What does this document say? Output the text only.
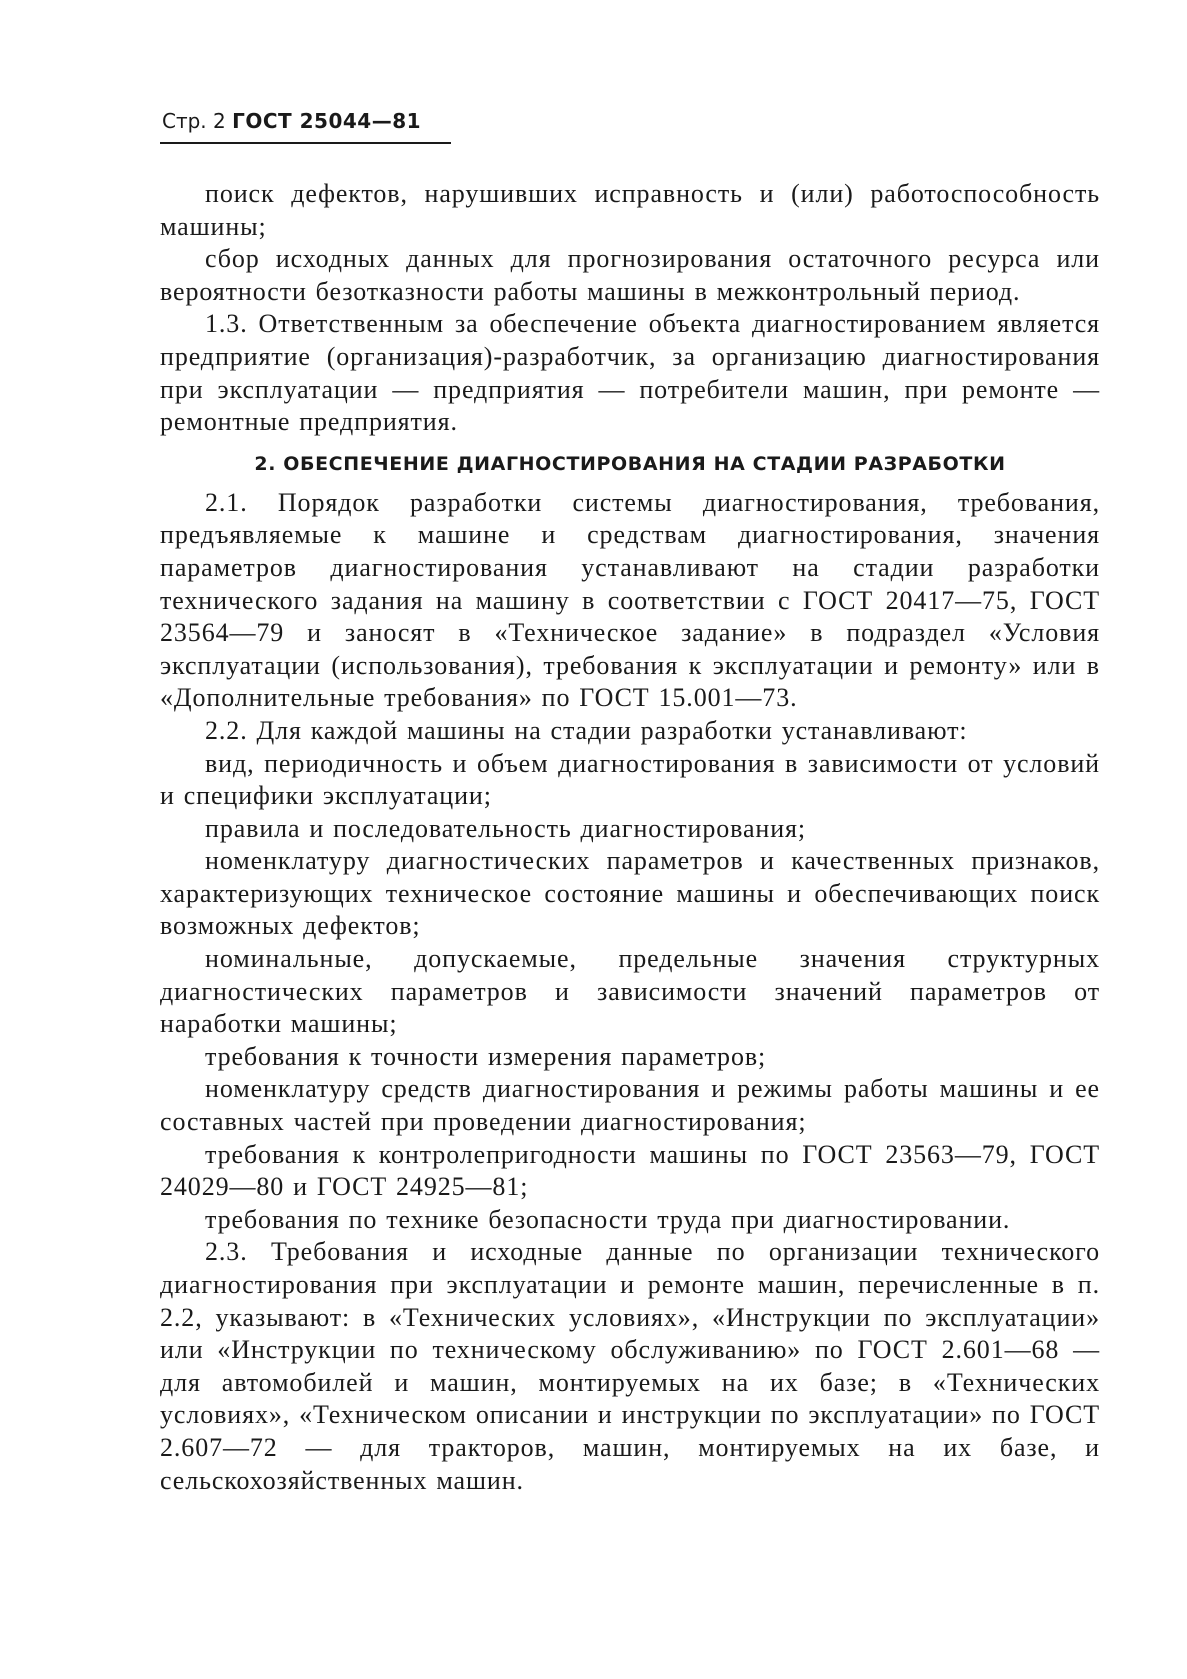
Стр. 2 ГОСТ 25044—81

поиск дефектов, нарушивших исправность и (или) работоспособность машины;

сбор исходных данных для прогнозирования остаточного ресурса или вероятности безотказности работы машины в межконтрольный период.

1.3. Ответственным за обеспечение объекта диагностированием является предприятие (организация)-разработчик, за организацию диагностирования при эксплуатации — предприятия — потребители машин, при ремонте — ремонтные предприятия.

2. ОБЕСПЕЧЕНИЕ ДИАГНОСТИРОВАНИЯ НА СТАДИИ РАЗРАБОТКИ

2.1. Порядок разработки системы диагностирования, требования, предъявляемые к машине и средствам диагностирования, значения параметров диагностирования устанавливают на стадии разработки технического задания на машину в соответствии с ГОСТ 20417—75, ГОСТ 23564—79 и заносят в «Техническое задание» в подраздел «Условия эксплуатации (использования), требования к эксплуатации и ремонту» или в «Дополнительные требования» по ГОСТ 15.001—73.

2.2. Для каждой машины на стадии разработки устанавливают:

вид, периодичность и объем диагностирования в зависимости от условий и специфики эксплуатации;

правила и последовательность диагностирования;

номенклатуру диагностических параметров и качественных признаков, характеризующих техническое состояние машины и обеспечивающих поиск возможных дефектов;

номинальные, допускаемые, предельные значения структурных диагностических параметров и зависимости значений параметров от наработки машины;

требования к точности измерения параметров;

номенклатуру средств диагностирования и режимы работы машины и ее составных частей при проведении диагностирования;

требования к контролепригодности машины по ГОСТ 23563—79, ГОСТ 24029—80 и ГОСТ 24925—81;

требования по технике безопасности труда при диагностировании.

2.3. Требования и исходные данные по организации технического диагностирования при эксплуатации и ремонте машин, перечисленные в п. 2.2, указывают: в «Технических условиях», «Инструкции по эксплуатации» или «Инструкции по техническому обслуживанию» по ГОСТ 2.601—68 — для автомобилей и машин, монтируемых на их базе; в «Технических условиях», «Техническом описании и инструкции по эксплуатации» по ГОСТ 2.607—72 — для тракторов, машин, монтируемых на их базе, и сельскохозяйственных машин.
